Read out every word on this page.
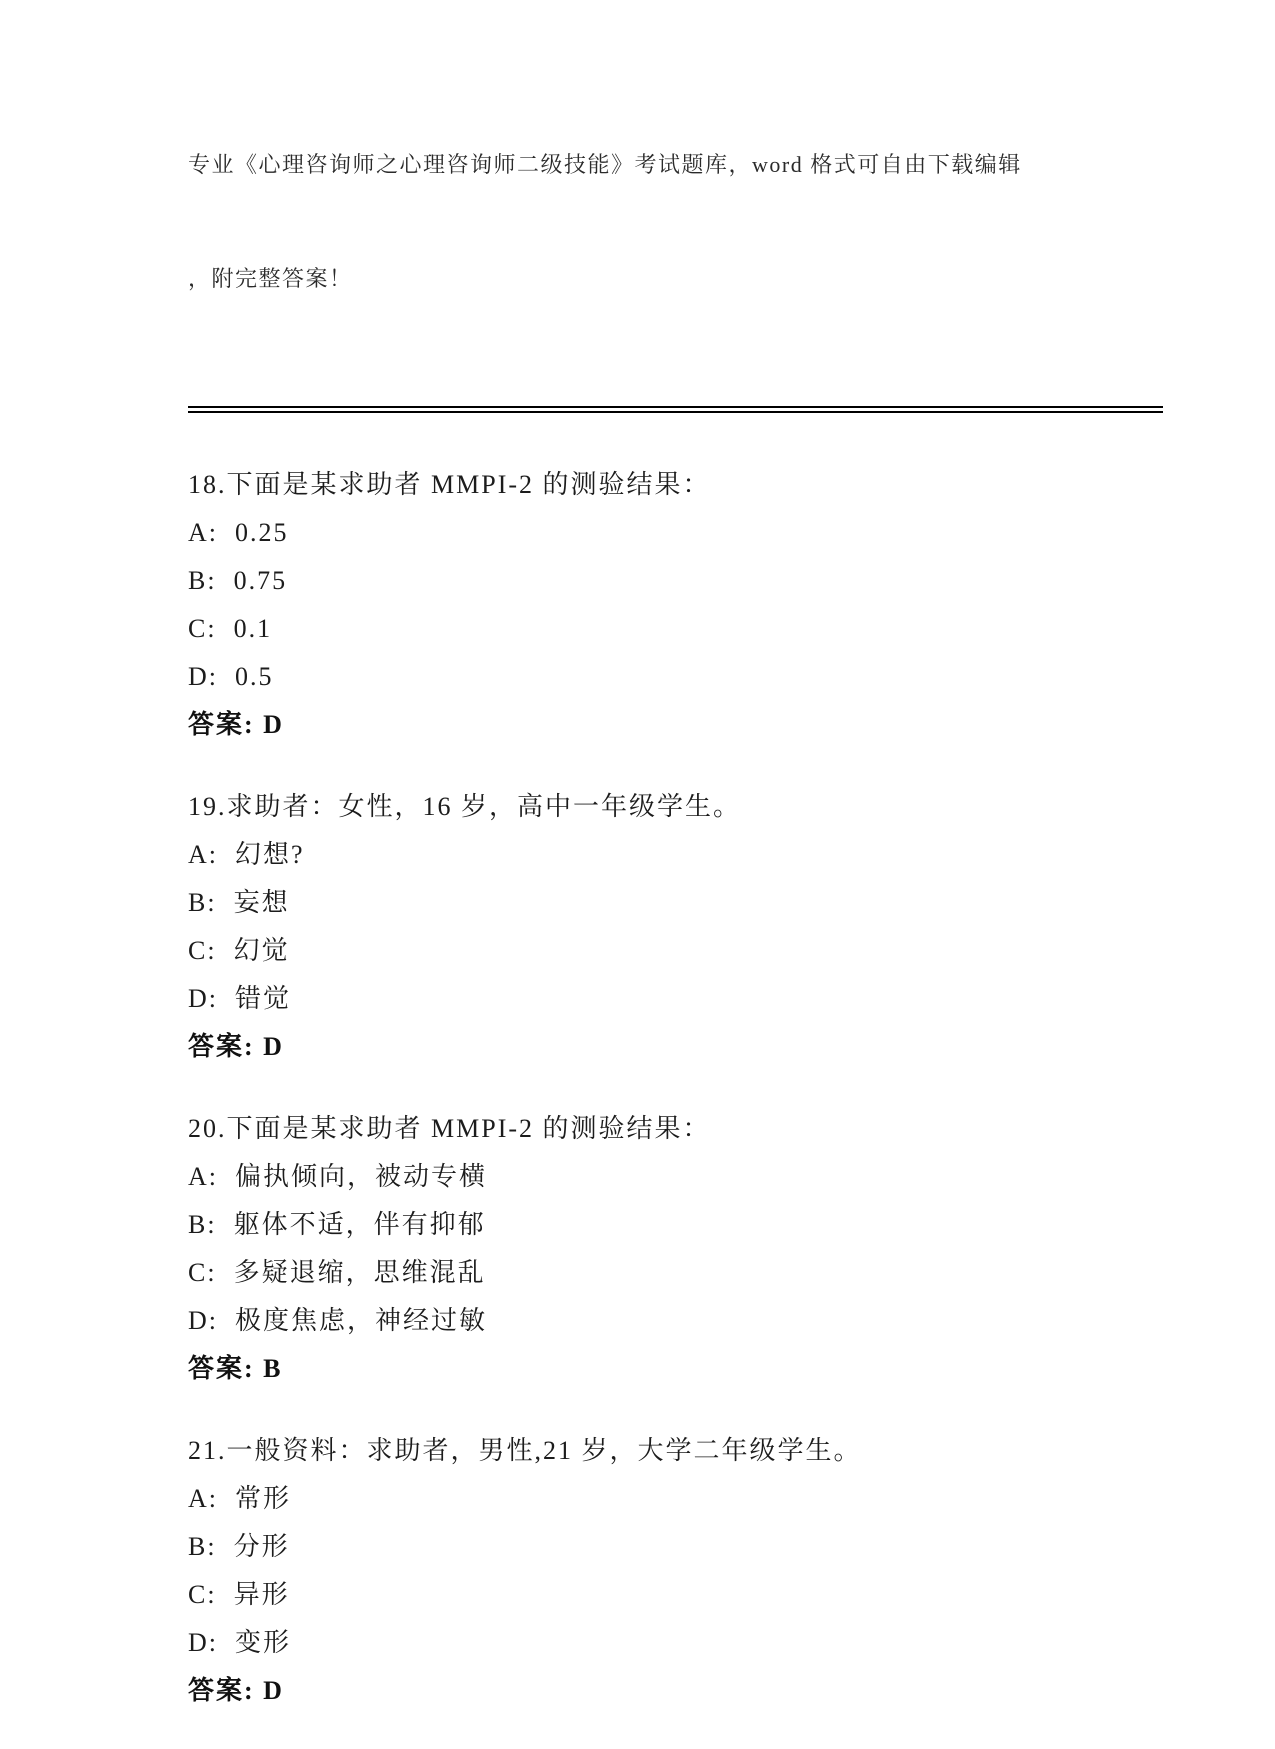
专业《心理咨询师之心理咨询师二级技能》考试题库，word 格式可自由下载编辑

，附完整答案！

18.下面是某求助者 MMPI-2 的测验结果：

A:  0.25

B:  0.75

C:  0.1

D:  0.5

答案: D

19.求助者：女性，16 岁，高中一年级学生。

A:  幻想?

B:  妄想

C:  幻觉

D:  错觉

答案: D

20.下面是某求助者 MMPI-2 的测验结果：

A:  偏执倾向，被动专横

B:  躯体不适，伴有抑郁

C:  多疑退缩，思维混乱

D:  极度焦虑，神经过敏

答案: B

21.一般资料：求助者，男性,21 岁，大学二年级学生。

A:  常形

B:  分形

C:  异形

D:  变形

答案: D
